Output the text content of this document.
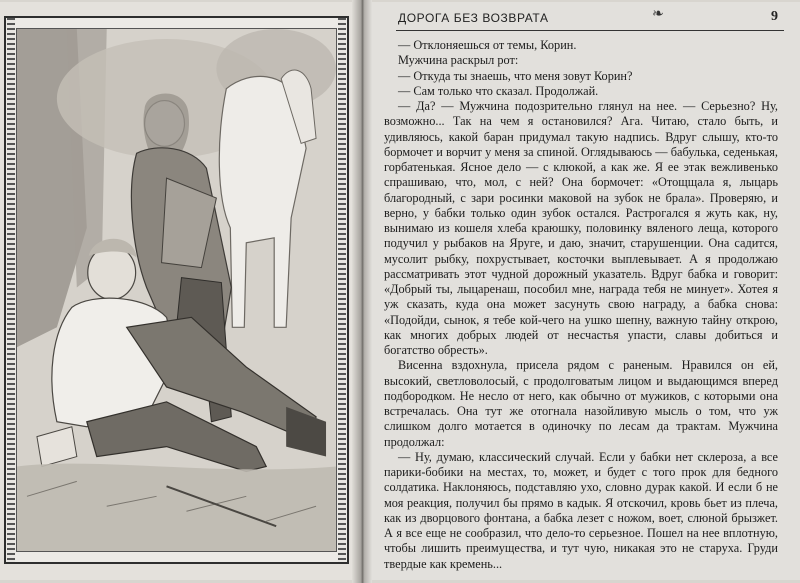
ДОРОГА БЕЗ ВОЗВРАТА	❧	9

— Отклоняешься от темы, Корин.

Мужчина раскрыл рот:

— Откуда ты знаешь, что меня зовут Корин?

— Сам только что сказал. Продолжай.

— Да? — Мужчина подозрительно глянул на нее. — Серьезно? Ну, возможно... Так на чем я остановился? Ага. Читаю, стало быть, и удивляюсь, какой баран придумал такую надпись. Вдруг слышу, кто-то бормочет и ворчит у меня за спиной. Оглядываюсь — бабулька, седенькая, горбатенькая. Ясное дело — с клюкой, а как же. Я ее этак вежливенько спрашиваю, что, мол, с ней? Она бормочет: «Отощщала я, лыцарь благородный, с зари росинки маковой на зубок не брала». Проверяю, и верно, у бабки только один зубок остался. Растрогался я жуть как, ну, вынимаю из кошеля хлеба краюшку, половинку вяленого леща, которого подучил у рыбаков на Яруге, и даю, значит, старушенции. Она садится, мусолит рыбку, похрустывает, косточки выплевывает. А я продолжаю рассматривать этот чудной дорожный указатель. Вдруг бабка и говорит: «Добрый ты, лыцаренаш, пособил мне, награда тебя не минует». Хотея я уж сказать, куда она может засунуть свою награду, а бабка снова: «Подойди, сынок, я тебе кой-чего на ушко шепну, важную тайну открою, как многих добрых людей от несчастья упасти, славы добиться и богатство обресть».

Висенна вздохнула, присела рядом с раненым. Нравился он ей, высокий, светловолосый, с продолговатым лицом и выдающимся вперед подбородком. Не несло от него, как обычно от мужиков, с которыми она встречалась. Она тут же отогнала назойливую мысль о том, что уж слишком долго мотается в одиночку по лесам да трактам. Мужчина продолжал:

— Ну, думаю, классический случай. Если у бабки нет склероза, а все парики-бобики на местах, то, может, и будет с того прок для бедного солдатика. Наклоняюсь, подставляю ухо, словно дурак какой. И если б не моя реакция, получил бы прямо в кадык. Я отскочил, кровь бьет из плеча, как из дворцового фонтана, а бабка лезет с ножом, воет, слюной брызжет. А я все еще не сообразил, что дело-то серьезное. Пошел на нее вплотную, чтобы лишить преимущества, и тут чую, никакая это не старуха. Груди твердые как кремень...
